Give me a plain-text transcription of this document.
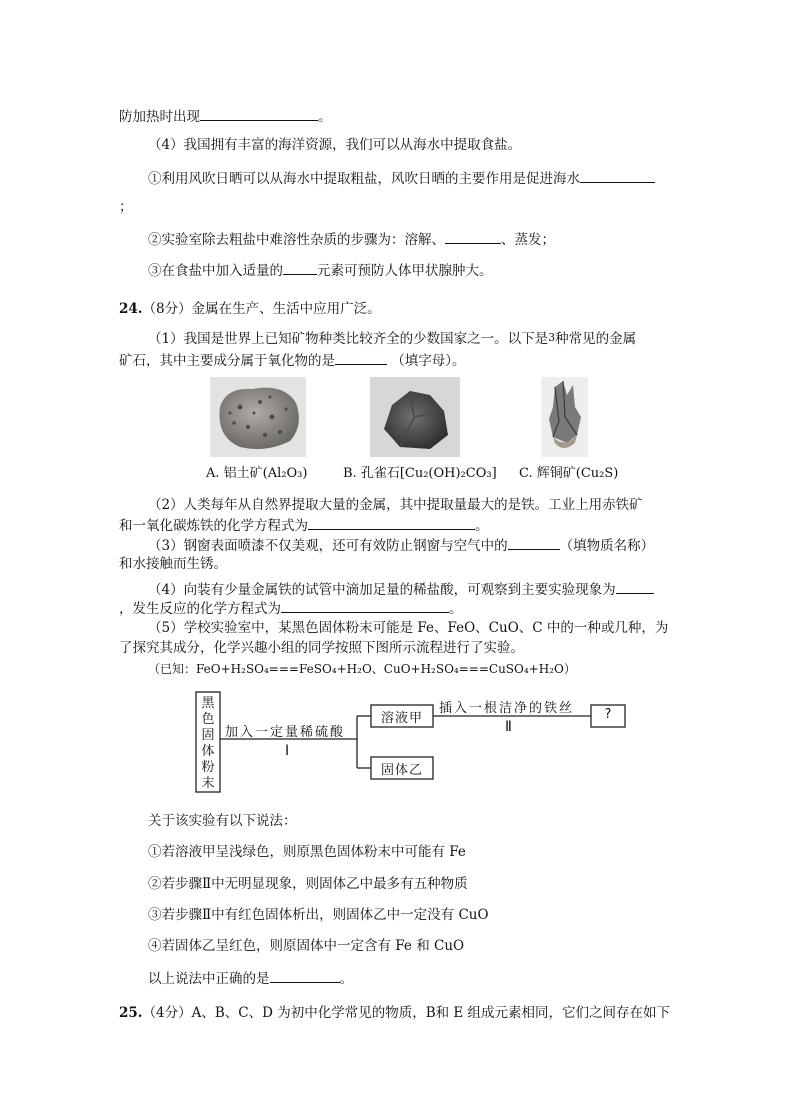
防加热时出现	。
（4）我国拥有丰富的海洋资源，我们可以从海水中提取食盐。
①利用风吹日晒可以从海水中提取粗盐，风吹日晒的主要作用是促进海水
；
②实验室除去粗盐中难溶性杂质的步骤为：溶解、	、蒸发；
③在食盐中加入适量的	元素可预防人体甲状腺肿大。
24.（8分）金属在生产、生活中应用广泛。
（1）我国是世界上已知矿物种类比较齐全的少数国家之一。以下是3种常见的金属
矿石，其中主要成分属于氧化物的是	（填字母）。
A. 铝土矿(Al₂O₃)	B. 孔雀石[Cu₂(OH)₂CO₃] C. 辉铜矿(Cu₂S)
（2）人类每年从自然界提取大量的金属，其中提取量最大的是铁。工业上用赤铁矿
和一氧化碳炼铁的化学方程式为	。
（3）钢窗表面喷漆不仅美观，还可有效防止钢窗与空气中的	（填物质名称）
和水接触而生锈。
（4）向装有少量金属铁的试管中滴加足量的稀盐酸，可观察到主要实验现象为
，发生反应的化学方程式为	。
（5）学校实验室中，某黑色固体粉末可能是 Fe、FeO、CuO、C 中的一种或几种，为
了探究其成分，化学兴趣小组的同学按照下图所示流程进行了实验。
（已知：FeO+H₂SO₄===FeSO₄+H₂O、CuO+H₂SO₄===CuSO₄+H₂O）
黑
色
固
体
粉
末
加入一定量稀硫酸
Ⅰ
溶液甲
固体乙
插入一根洁净的铁丝
Ⅱ
?
关于该实验有以下说法：
①若溶液甲呈浅绿色，则原黑色固体粉末中可能有 Fe
②若步骤Ⅱ中无明显现象，则固体乙中最多有五种物质
③若步骤Ⅱ中有红色固体析出，则固体乙中一定没有 CuO
④若固体乙呈红色，则原固体中一定含有 Fe 和 CuO
以上说法中正确的是	。
25.（4分）A、B、C、D 为初中化学常见的物质，B和 E 组成元素相同，它们之间存在如下
